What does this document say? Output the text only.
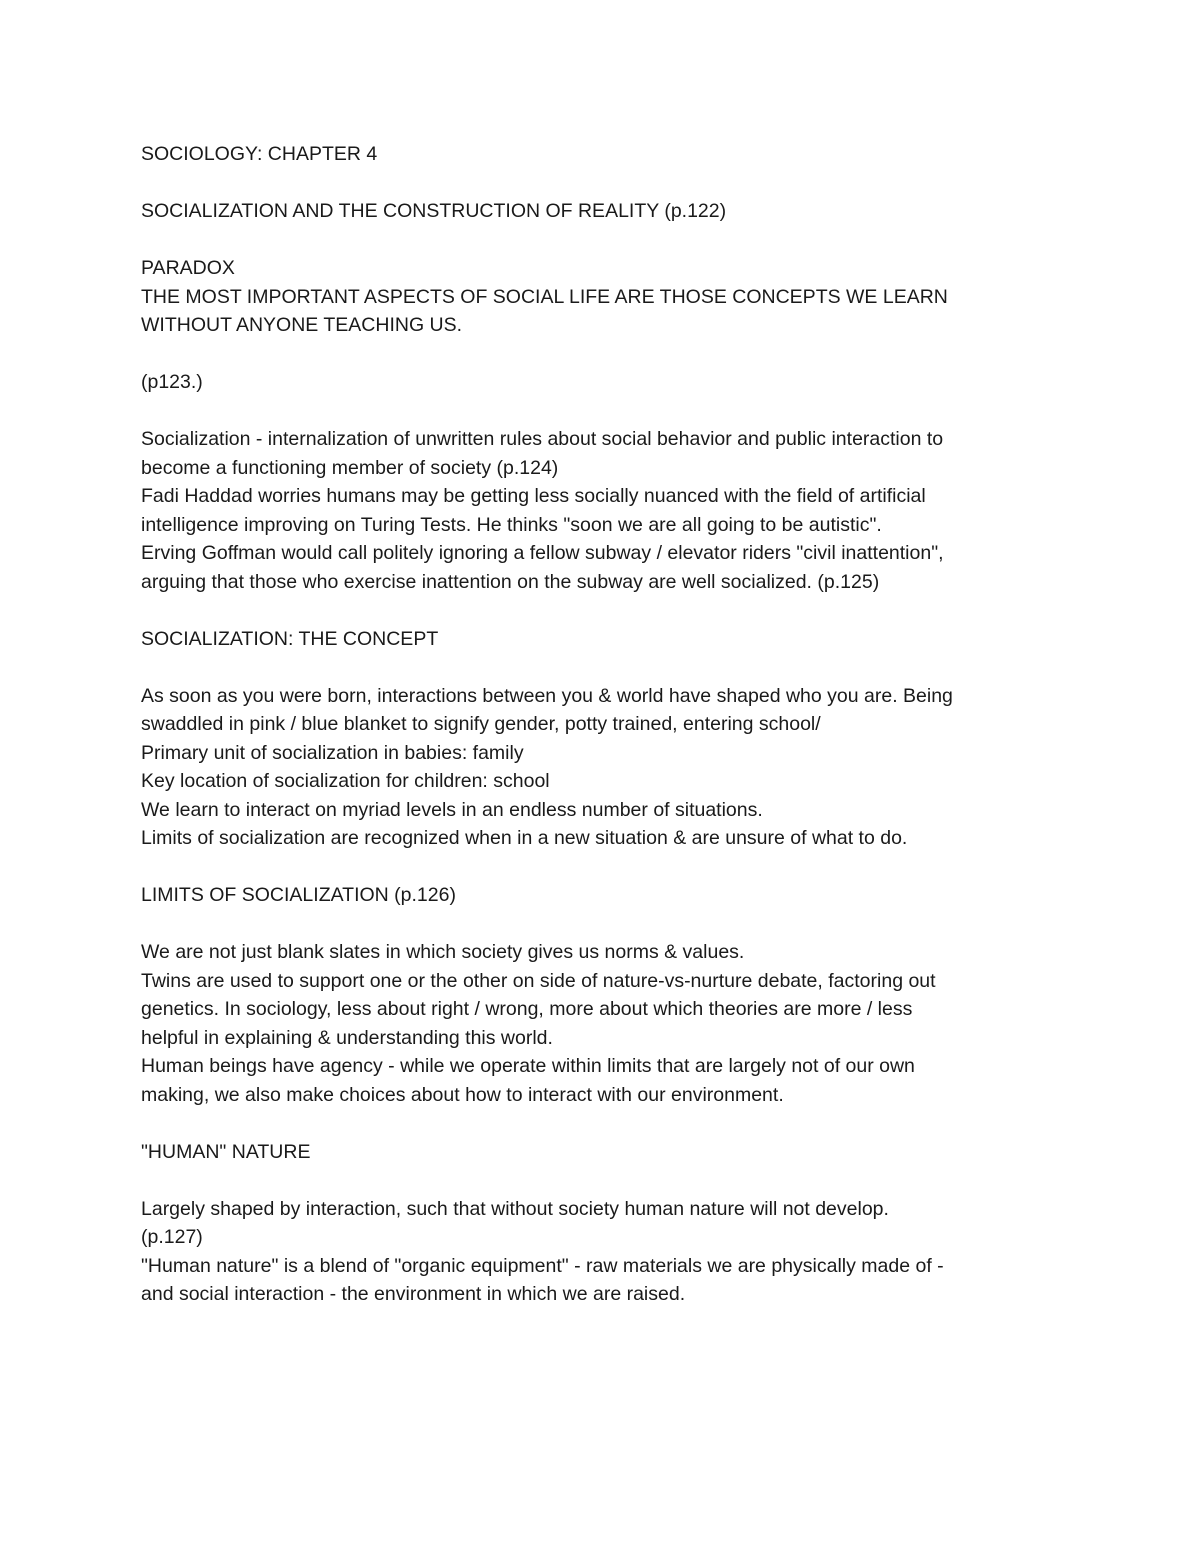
SOCIOLOGY: CHAPTER 4
SOCIALIZATION AND THE CONSTRUCTION OF REALITY (p.122)
PARADOX
THE MOST IMPORTANT ASPECTS OF SOCIAL LIFE ARE THOSE CONCEPTS WE LEARN
WITHOUT ANYONE TEACHING US.
(p123.)
Socialization - internalization of unwritten rules about social behavior and public interaction to
become a functioning member of society (p.124)
Fadi Haddad worries humans may be getting less socially nuanced with the field of artificial
intelligence improving on Turing Tests. He thinks "soon we are all going to be autistic".
Erving Goffman would call politely ignoring a fellow subway / elevator riders "civil inattention",
arguing that those who exercise inattention on the subway are well socialized. (p.125)
SOCIALIZATION: THE CONCEPT
As soon as you were born, interactions between you & world have shaped who you are. Being
swaddled in pink / blue blanket to signify gender, potty trained, entering school/
Primary unit of socialization in babies: family
Key location of socialization for children: school
We learn to interact on myriad levels in an endless number of situations.
Limits of socialization are recognized when in a new situation & are unsure of what to do.
LIMITS OF SOCIALIZATION (p.126)
We are not just blank slates in which society gives us norms & values.
Twins are used to support one or the other on side of nature-vs-nurture debate, factoring out
genetics. In sociology, less about right / wrong, more about which theories are more / less
helpful in explaining & understanding this world.
Human beings have agency - while we operate within limits that are largely not of our own
making, we also make choices about how to interact with our environment.
"HUMAN" NATURE
Largely shaped by interaction, such that without society human nature will not develop.
(p.127)
"Human nature" is a blend of "organic equipment" - raw materials we are physically made of -
and social interaction - the environment in which we are raised.
